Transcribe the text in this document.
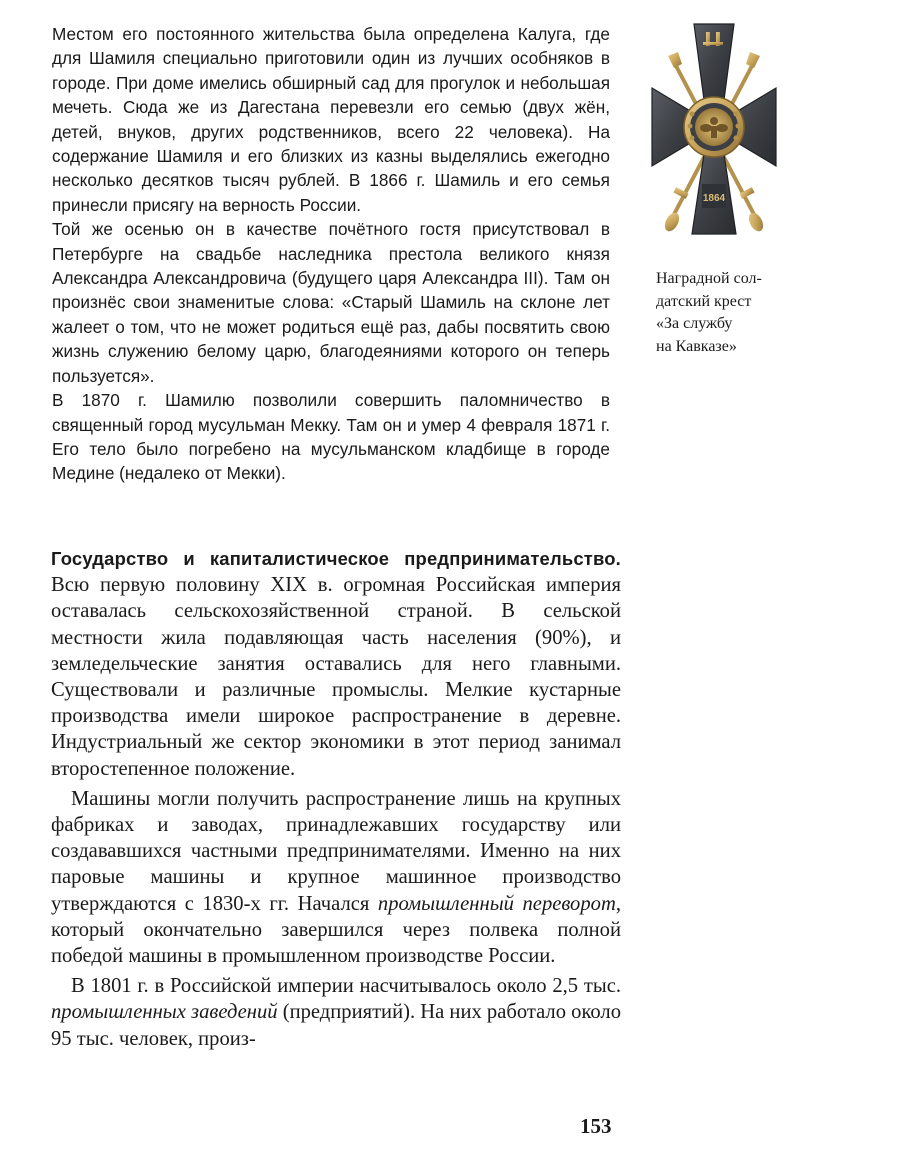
Местом его постоянного жительства была определена Калуга, где для Шамиля специально приготовили один из лучших особняков в городе. При доме имелись обширный сад для прогулок и небольшая мечеть. Сюда же из Дагестана перевезли его семью (двух жён, детей, внуков, других родственников, всего 22 человека). На содержание Шамиля и его близких из казны выделялись ежегодно несколько десятков тысяч рублей. В 1866 г. Шамиль и его семья принесли присягу на верность России.

Той же осенью он в качестве почётного гостя присутствовал в Петербурге на свадьбе наследника престола великого князя Александра Александровича (будущего царя Александра III). Там он произнёс свои знаменитые слова: «Старый Шамиль на склоне лет жалеет о том, что не может родиться ещё раз, дабы посвятить свою жизнь служению белому царю, благодеяниями которого он теперь пользуется».

В 1870 г. Шамилю позволили совершить паломничество в священный город мусульман Мекку. Там он и умер 4 февраля 1871 г. Его тело было погребено на мусульманском кладбище в городе Медине (недалеко от Мекки).

1864
Наградной сол-
датский крест
«За службу
на Кавказе»

Государство и капиталистическое предпринимательство. Всю первую половину XIX в. огромная Российская империя оставалась сельскохозяйственной страной. В сельской местности жила подавляющая часть населения (90%), и земледельческие занятия оставались для него главными. Существовали и различные промыслы. Мелкие кустарные производства имели широкое распространение в деревне. Индустриальный же сектор экономики в этот период занимал второстепенное положение.

Машины могли получить распространение лишь на крупных фабриках и заводах, принадлежавших государству или создававшихся частными предпринимателями. Именно на них паровые машины и крупное машинное производство утверждаются с 1830-х гг. Начался промышленный переворот, который окончательно завершился через полвека полной победой машины в промышленном производстве России.

В 1801 г. в Российской империи насчитывалось около 2,5 тыс. промышленных заведений (предприятий). На них работало около 95 тыс. человек, произ-

153
